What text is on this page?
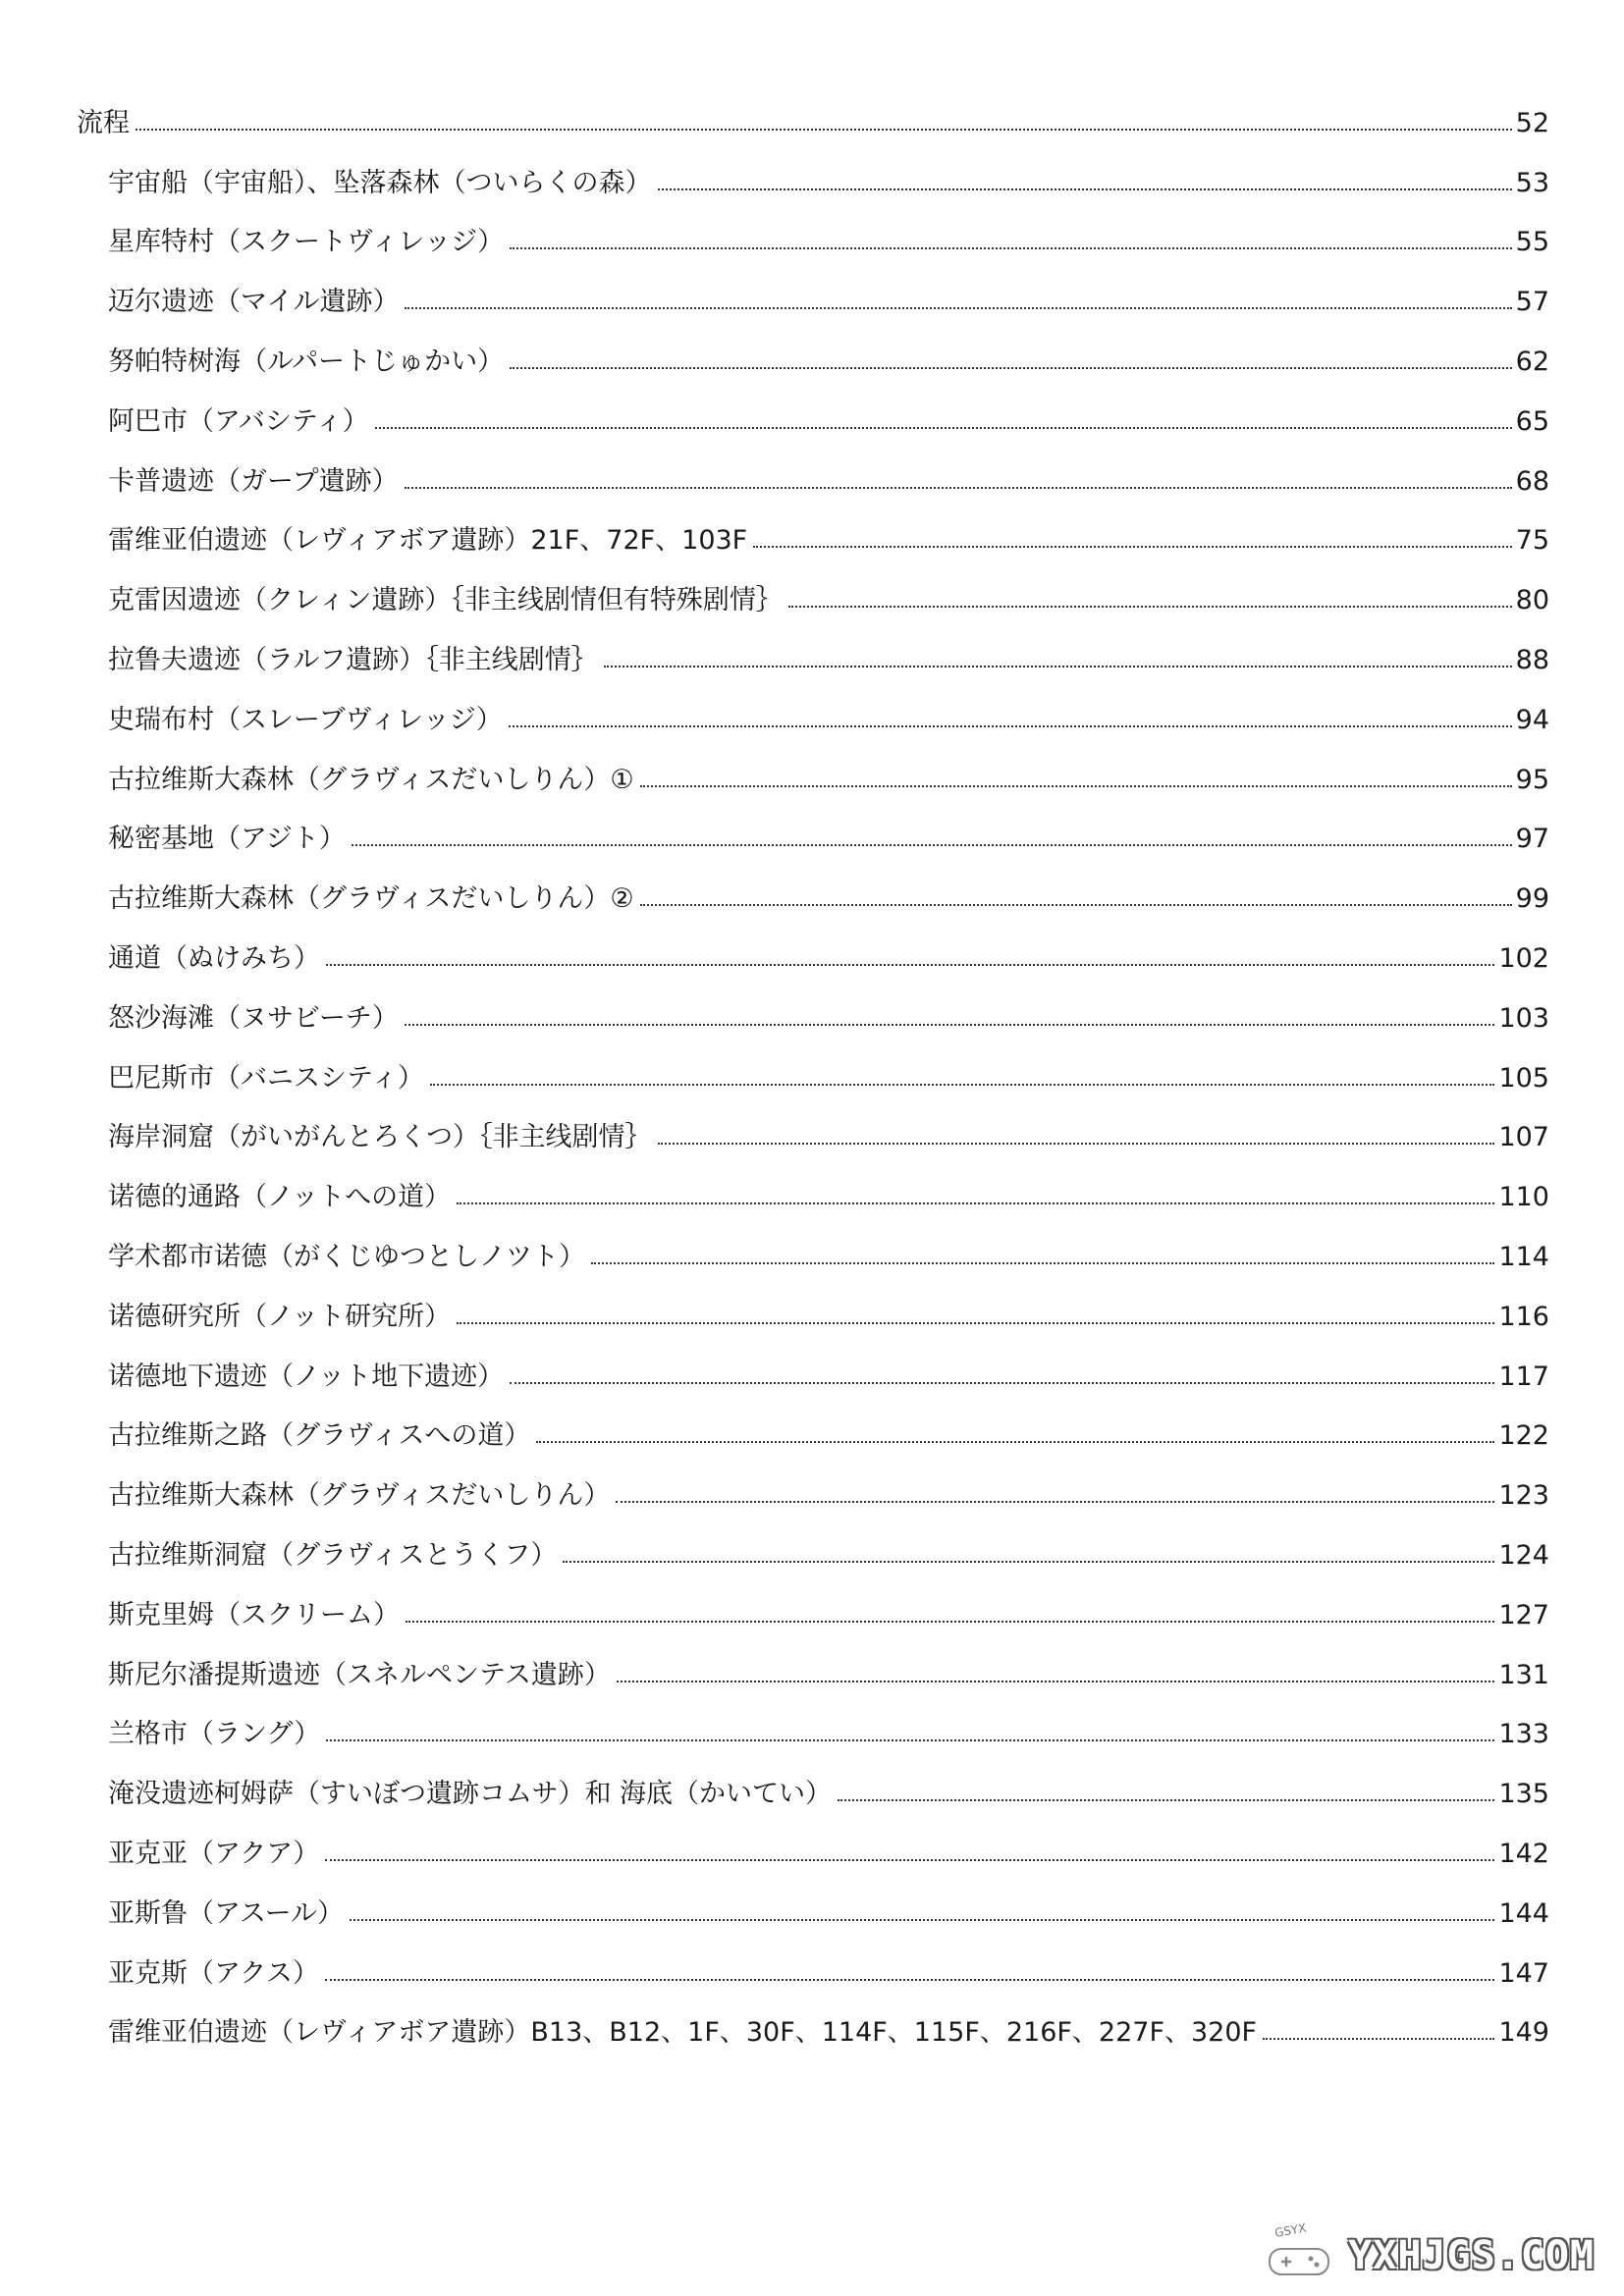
流程	52
宇宙船（宇宙船）、坠落森林（ついらくの森）	53
星库特村（スクートヴィレッジ）	55
迈尔遗迹（マイル遺跡）	57
努帕特树海（ルパートじゅかい）	62
阿巴市（アバシティ）	65
卡普遗迹（ガープ遺跡）	68
雷维亚伯遗迹（レヴィアボア遺跡）21F、72F、103F	75
克雷因遗迹（クレィン遺跡）｛非主线剧情但有特殊剧情｝	80
拉鲁夫遗迹（ラルフ遺跡）｛非主线剧情｝	88
史瑞布村（スレーブヴィレッジ）	94
古拉维斯大森林（グラヴィスだいしりん）①	95
秘密基地（アジト）	97
古拉维斯大森林（グラヴィスだいしりん）②	99
通道（ぬけみち）	102
怒沙海滩（ヌサビーチ）	103
巴尼斯市（バニスシティ）	105
海岸洞窟（がいがんとろくつ）｛非主线剧情｝	107
诺德的通路（ノットへの道）	110
学术都市诺德（がくじゆつとしノツト）	114
诺德研究所（ノット研究所）	116
诺德地下遗迹（ノット地下遗迹）	117
古拉维斯之路（グラヴィスへの道）	122
古拉维斯大森林（グラヴィスだいしりん）	123
古拉维斯洞窟（グラヴィスとうくフ）	124
斯克里姆（スクリーム）	127
斯尼尔潘提斯遗迹（スネルペンテス遺跡）	131
兰格市（ラング）	133
淹没遗迹柯姆萨（すいぼつ遺跡コムサ）和 海底（かいてい）	135
亚克亚（アクア）	142
亚斯鲁（アスール）	144
亚克斯（アクス）	147
雷维亚伯遗迹（レヴィアボア遺跡）B13、B12、1F、30F、114F、115F、216F、227F、320F	149
GSYX
YXHJGS.COM
